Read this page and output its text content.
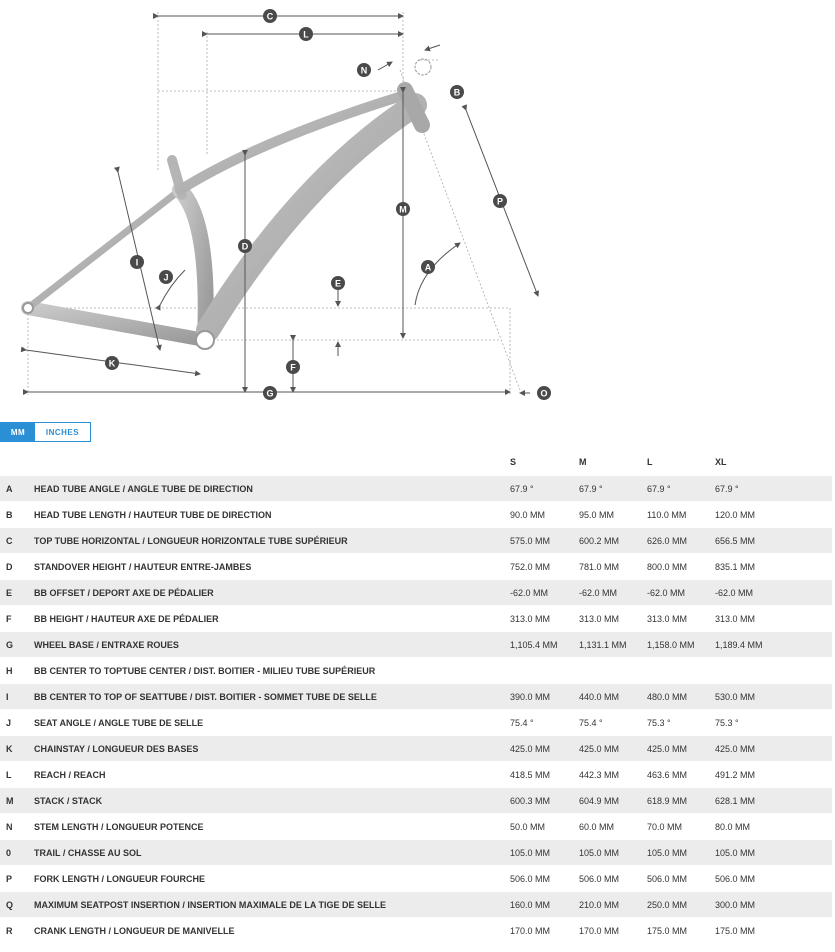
C
L
N
B
M
D
P
I
J
A
E
K	F
G	O
MM	INCHES
		S	M	L	XL
A	HEAD TUBE ANGLE / ANGLE TUBE DE DIRECTION	67.9 °	67.9 °	67.9 °	67.9 °
B	HEAD TUBE LENGTH / HAUTEUR TUBE DE DIRECTION	90.0 MM	95.0 MM	110.0 MM	120.0 MM
C	TOP TUBE HORIZONTAL / LONGUEUR HORIZONTALE TUBE SUPÉRIEUR	575.0 MM	600.2 MM	626.0 MM	656.5 MM
D	STANDOVER HEIGHT / HAUTEUR ENTRE-JAMBES	752.0 MM	781.0 MM	800.0 MM	835.1 MM
E	BB OFFSET / DEPORT AXE DE PÉDALIER	-62.0 MM	-62.0 MM	-62.0 MM	-62.0 MM
F	BB HEIGHT / HAUTEUR AXE DE PÉDALIER	313.0 MM	313.0 MM	313.0 MM	313.0 MM
G	WHEEL BASE / ENTRAXE ROUES	1,105.4 MM	1,131.1 MM	1,158.0 MM	1,189.4 MM
H	BB CENTER TO TOPTUBE CENTER / DIST. BOITIER - MILIEU TUBE SUPÉRIEUR				
I	BB CENTER TO TOP OF SEATTUBE / DIST. BOITIER - SOMMET TUBE DE SELLE	390.0 MM	440.0 MM	480.0 MM	530.0 MM
J	SEAT ANGLE / ANGLE TUBE DE SELLE	75.4 °	75.4 °	75.3 °	75.3 °
K	CHAINSTAY / LONGUEUR DES BASES	425.0 MM	425.0 MM	425.0 MM	425.0 MM
L	REACH / REACH	418.5 MM	442.3 MM	463.6 MM	491.2 MM
M	STACK / STACK	600.3 MM	604.9 MM	618.9 MM	628.1 MM
N	STEM LENGTH / LONGUEUR POTENCE	50.0 MM	60.0 MM	70.0 MM	80.0 MM
0	TRAIL / CHASSE AU SOL	105.0 MM	105.0 MM	105.0 MM	105.0 MM
P	FORK LENGTH / LONGUEUR FOURCHE	506.0 MM	506.0 MM	506.0 MM	506.0 MM
Q	MAXIMUM SEATPOST INSERTION / INSERTION MAXIMALE DE LA TIGE DE SELLE	160.0 MM	210.0 MM	250.0 MM	300.0 MM
R	CRANK LENGTH / LONGUEUR DE MANIVELLE	170.0 MM	170.0 MM	175.0 MM	175.0 MM
